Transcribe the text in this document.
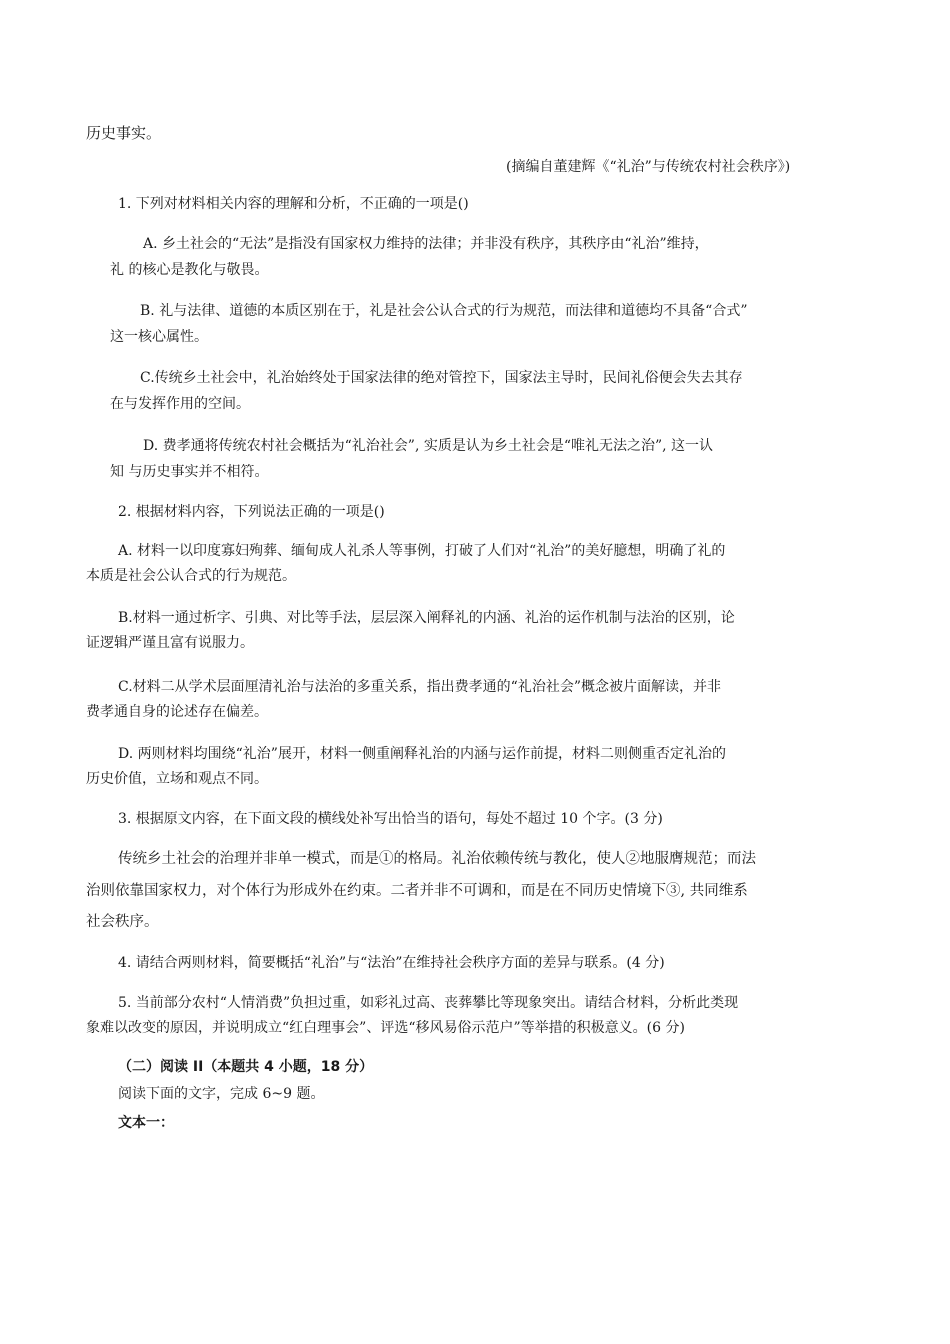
历史事实。
(摘编自董建辉《“礼治”与传统农村社会秩序》)
1. 下列对材料相关内容的理解和分析，不正确的一项是()
A. 乡土社会的“无法”是指没有国家权力维持的法律；并非没有秩序，其秩序由“礼治”维持，
礼 的核心是教化与敬畏。
B. 礼与法律、道德的本质区别在于，礼是社会公认合式的行为规范，而法律和道德均不具备“合式”
这一核心属性。
C.传统乡土社会中，礼治始终处于国家法律的绝对管控下，国家法主导时，民间礼俗便会失去其存
在与发挥作用的空间。
D. 费孝通将传统农村社会概括为“礼治社会”, 实质是认为乡土社会是“唯礼无法之治”, 这一认
知 与历史事实并不相符。
2. 根据材料内容，下列说法正确的一项是()
A. 材料一以印度寡妇殉葬、缅甸成人礼杀人等事例，打破了人们对“礼治”的美好臆想，明确了礼的
本质是社会公认合式的行为规范。
B.材料一通过析字、引典、对比等手法，层层深入阐释礼的内涵、礼治的运作机制与法治的区别，论
证逻辑严谨且富有说服力。
C.材料二从学术层面厘清礼治与法治的多重关系，指出费孝通的“礼治社会”概念被片面解读，并非
费孝通自身的论述存在偏差。
D. 两则材料均围绕“礼治”展开，材料一侧重阐释礼治的内涵与运作前提，材料二则侧重否定礼治的
历史价值，立场和观点不同。
3. 根据原文内容，在下面文段的横线处补写出恰当的语句，每处不超过 10 个字。(3 分)
传统乡土社会的治理并非单一模式，而是①的格局。礼治依赖传统与教化，使人②地服膺规范；而法
治则依靠国家权力，对个体行为形成外在约束。二者并非不可调和，而是在不同历史情境下③, 共同维系
社会秩序。
4. 请结合两则材料，简要概括“礼治”与“法治”在维持社会秩序方面的差异与联系。(4 分)
5. 当前部分农村“人情消费”负担过重，如彩礼过高、丧葬攀比等现象突出。请结合材料，分析此类现
象难以改变的原因，并说明成立“红白理事会”、评选“移风易俗示范户”等举措的积极意义。(6 分)
（二）阅读 II（本题共 4 小题，18 分）
阅读下面的文字，完成 6~9 题。
文本一：
